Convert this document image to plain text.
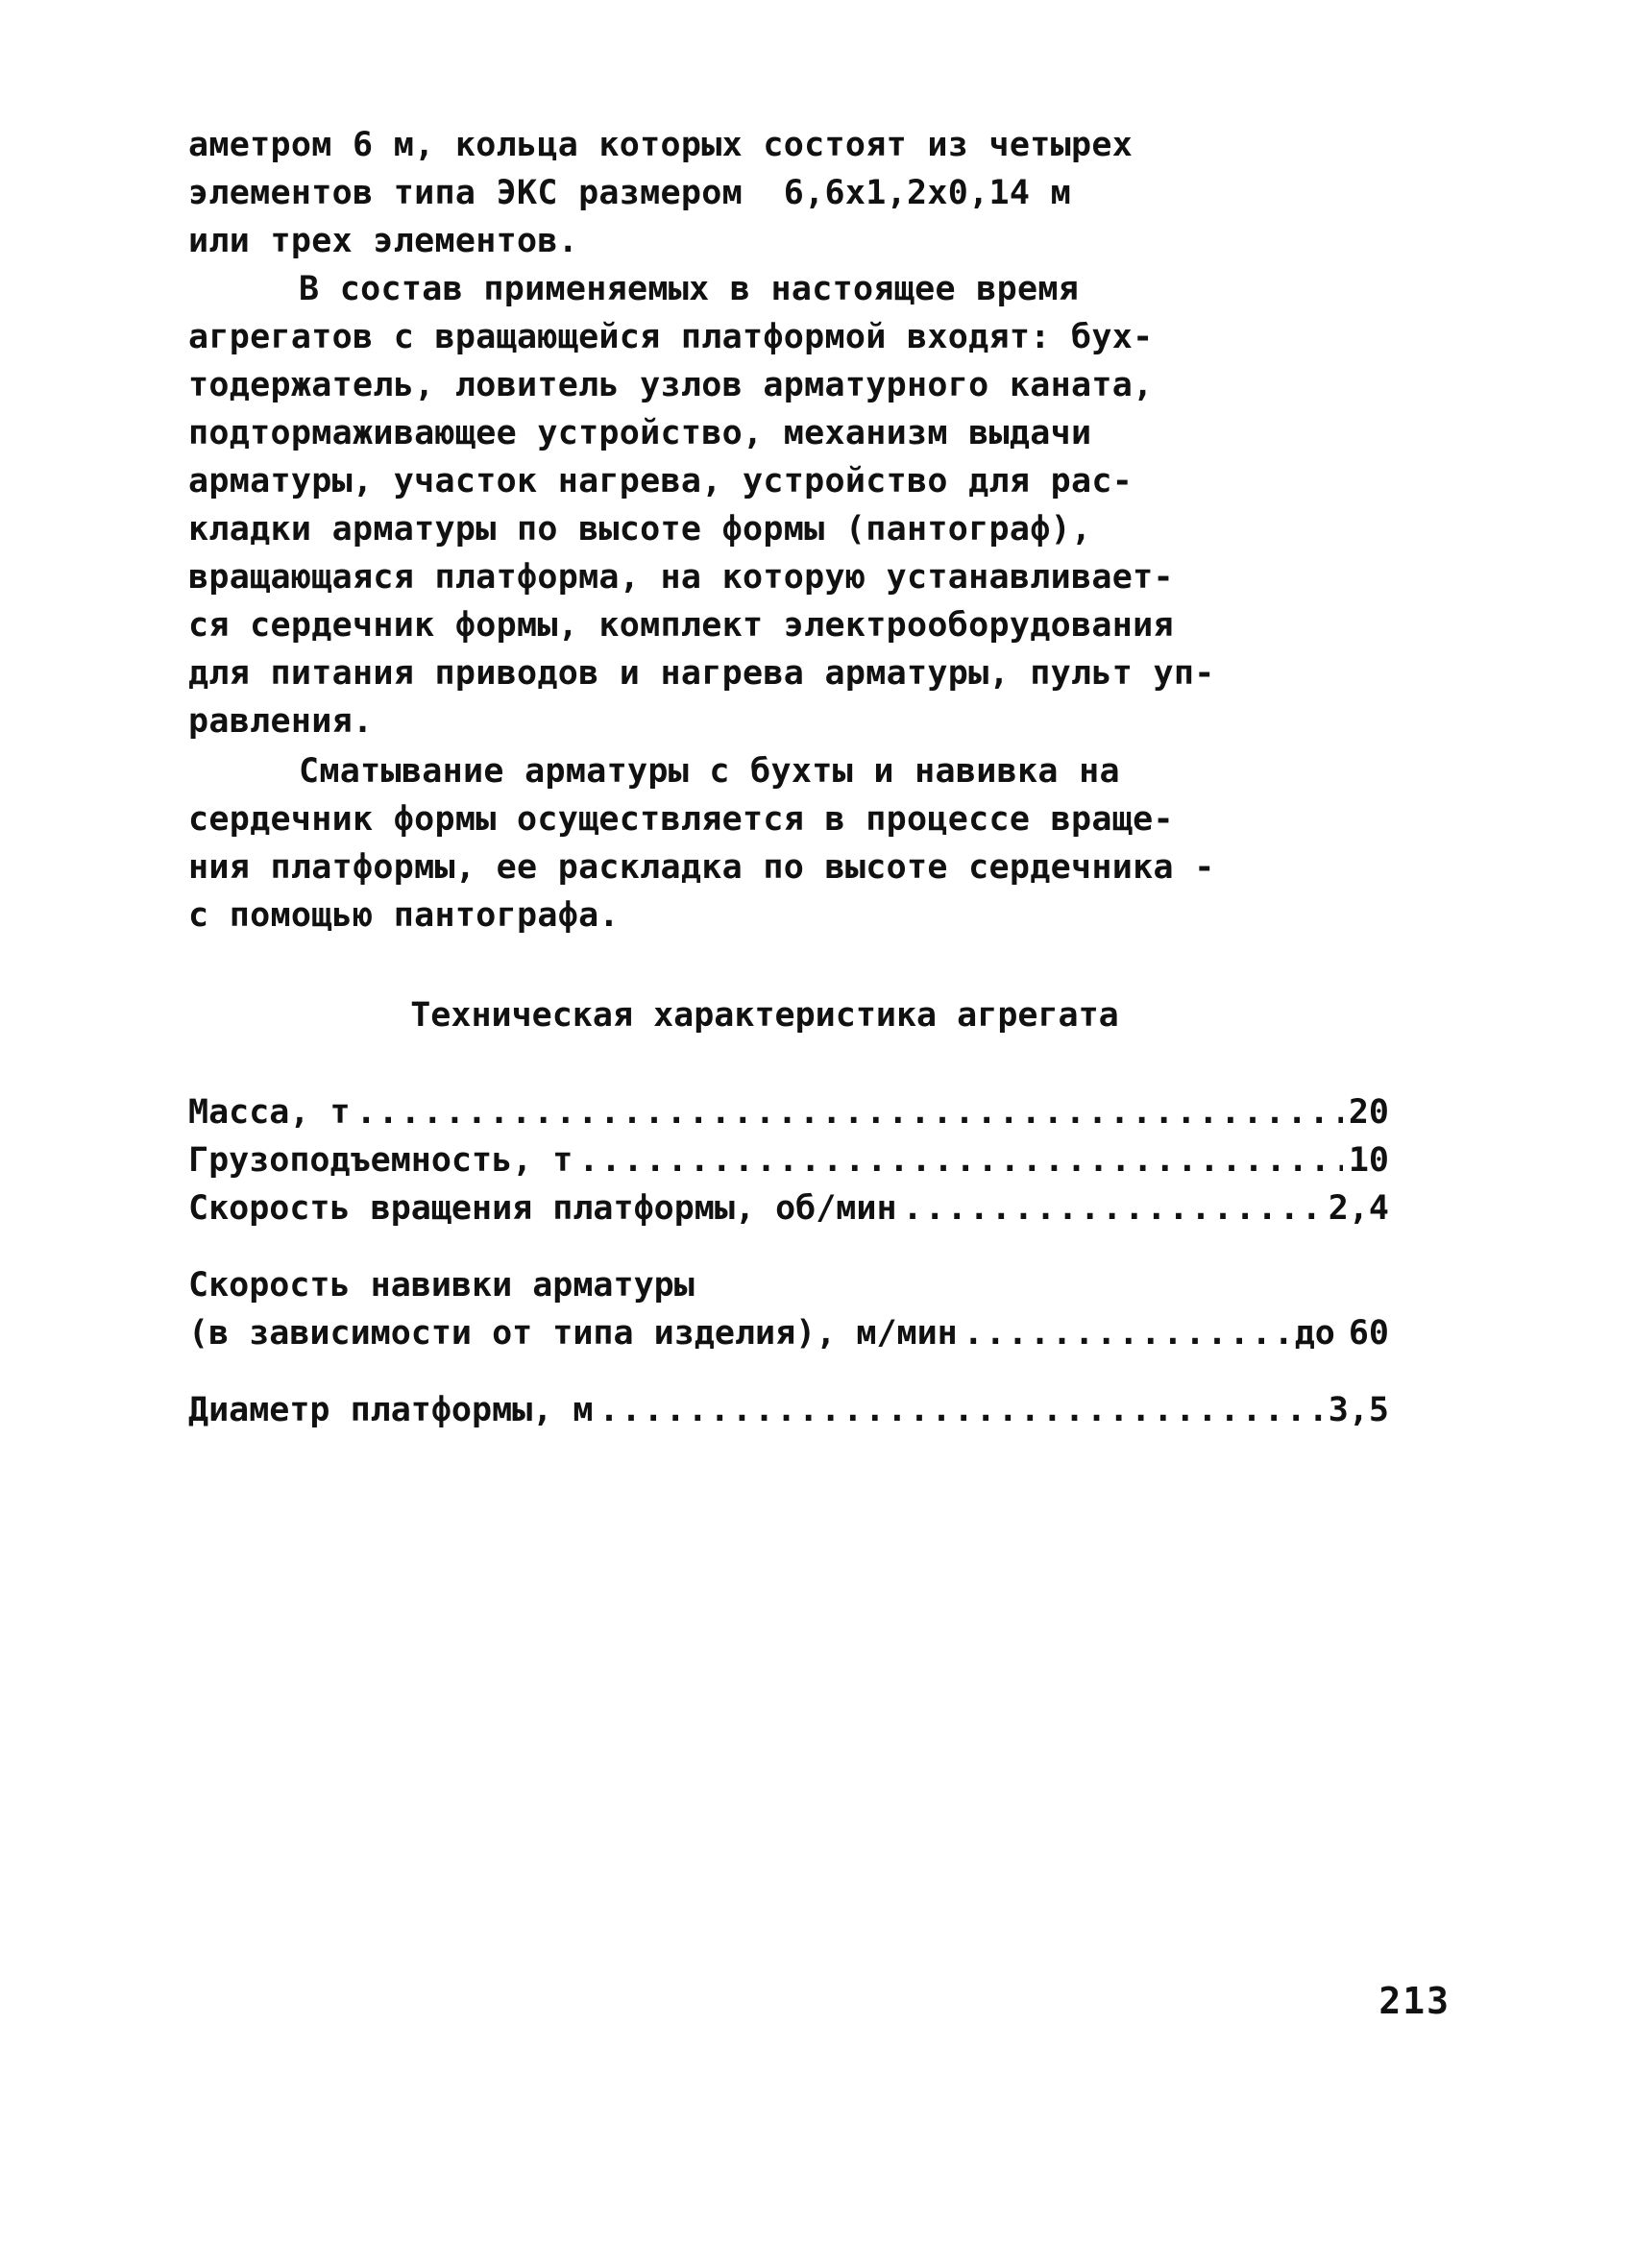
аметром 6 м, кольца которых состоят из четырех
элементов типа ЭКС размером  6,6x1,2x0,14 м
или трех элементов.
В состав применяемых в настоящее время
агрегатов с вращающейся платформой входят: бух-
тодержатель, ловитель узлов арматурного каната,
подтормаживающее устройство, механизм выдачи
арматуры, участок нагрева, устройство для рас-
кладки арматуры по высоте формы (пантограф),
вращающаяся платформа, на которую устанавливает-
ся сердечник формы, комплект электрооборудования
для питания приводов и нагрева арматуры, пульт уп-
равления.
Сматывание арматуры с бухты и навивка на
сердечник формы осуществляется в процессе враще-
ния платформы, ее раскладка по высоте сердечника -
с помощью пантографа.
Техническая характеристика агрегата
Масса, т .....	20
Грузоподъемность, т .....	10
Скорость вращения платформы, об/мин .....	2,4
Скорость навивки арматуры
(в зависимости от типа изделия), м/мин .....	до 60
Диаметр платформы, м .....	3,5
213
